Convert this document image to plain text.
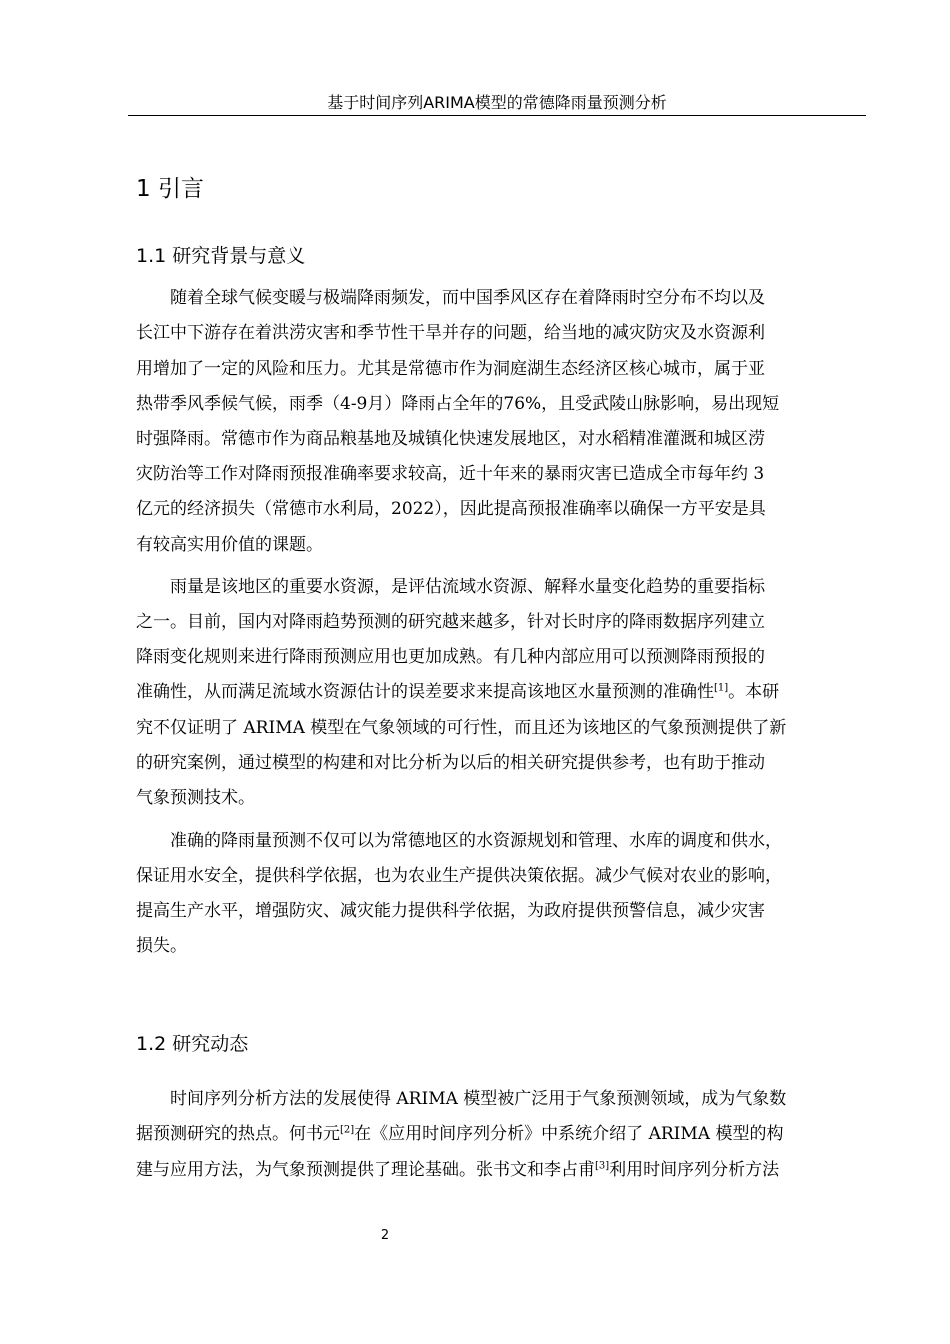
基于时间序列ARIMA模型的常德降雨量预测分析
1 引言
1.1 研究背景与意义
随着全球气候变暖与极端降雨频发，而中国季风区存在着降雨时空分布不均以及
长江中下游存在着洪涝灾害和季节性干旱并存的问题，给当地的减灾防灾及水资源利
用增加了一定的风险和压力。尤其是常德市作为洞庭湖生态经济区核心城市，属于亚
热带季风季候气候，雨季（4-9月）降雨占全年的76%，且受武陵山脉影响，易出现短
时强降雨。常德市作为商品粮基地及城镇化快速发展地区，对水稻精准灌溉和城区涝
灾防治等工作对降雨预报准确率要求较高，近十年来的暴雨灾害已造成全市每年约 3
亿元的经济损失（常德市水利局，2022），因此提高预报准确率以确保一方平安是具
有较高实用价值的课题。
雨量是该地区的重要水资源，是评估流域水资源、解释水量变化趋势的重要指标
之一。目前，国内对降雨趋势预测的研究越来越多，针对长时序的降雨数据序列建立
降雨变化规则来进行降雨预测应用也更加成熟。有几种内部应用可以预测降雨预报的
准确性，从而满足流域水资源估计的误差要求来提高该地区水量预测的准确性[1]。本研
究不仅证明了 ARIMA 模型在气象领域的可行性，而且还为该地区的气象预测提供了新
的研究案例，通过模型的构建和对比分析为以后的相关研究提供参考，也有助于推动
气象预测技术。
准确的降雨量预测不仅可以为常德地区的水资源规划和管理、水库的调度和供水，
保证用水安全，提供科学依据，也为农业生产提供决策依据。减少气候对农业的影响，
提高生产水平，增强防灾、减灾能力提供科学依据，为政府提供预警信息，减少灾害
损失。
1.2 研究动态
时间序列分析方法的发展使得 ARIMA 模型被广泛用于气象预测领域，成为气象数
据预测研究的热点。何书元[2]在《应用时间序列分析》中系统介绍了 ARIMA 模型的构
建与应用方法，为气象预测提供了理论基础。张书文和李占甫[3]利用时间序列分析方法
2
